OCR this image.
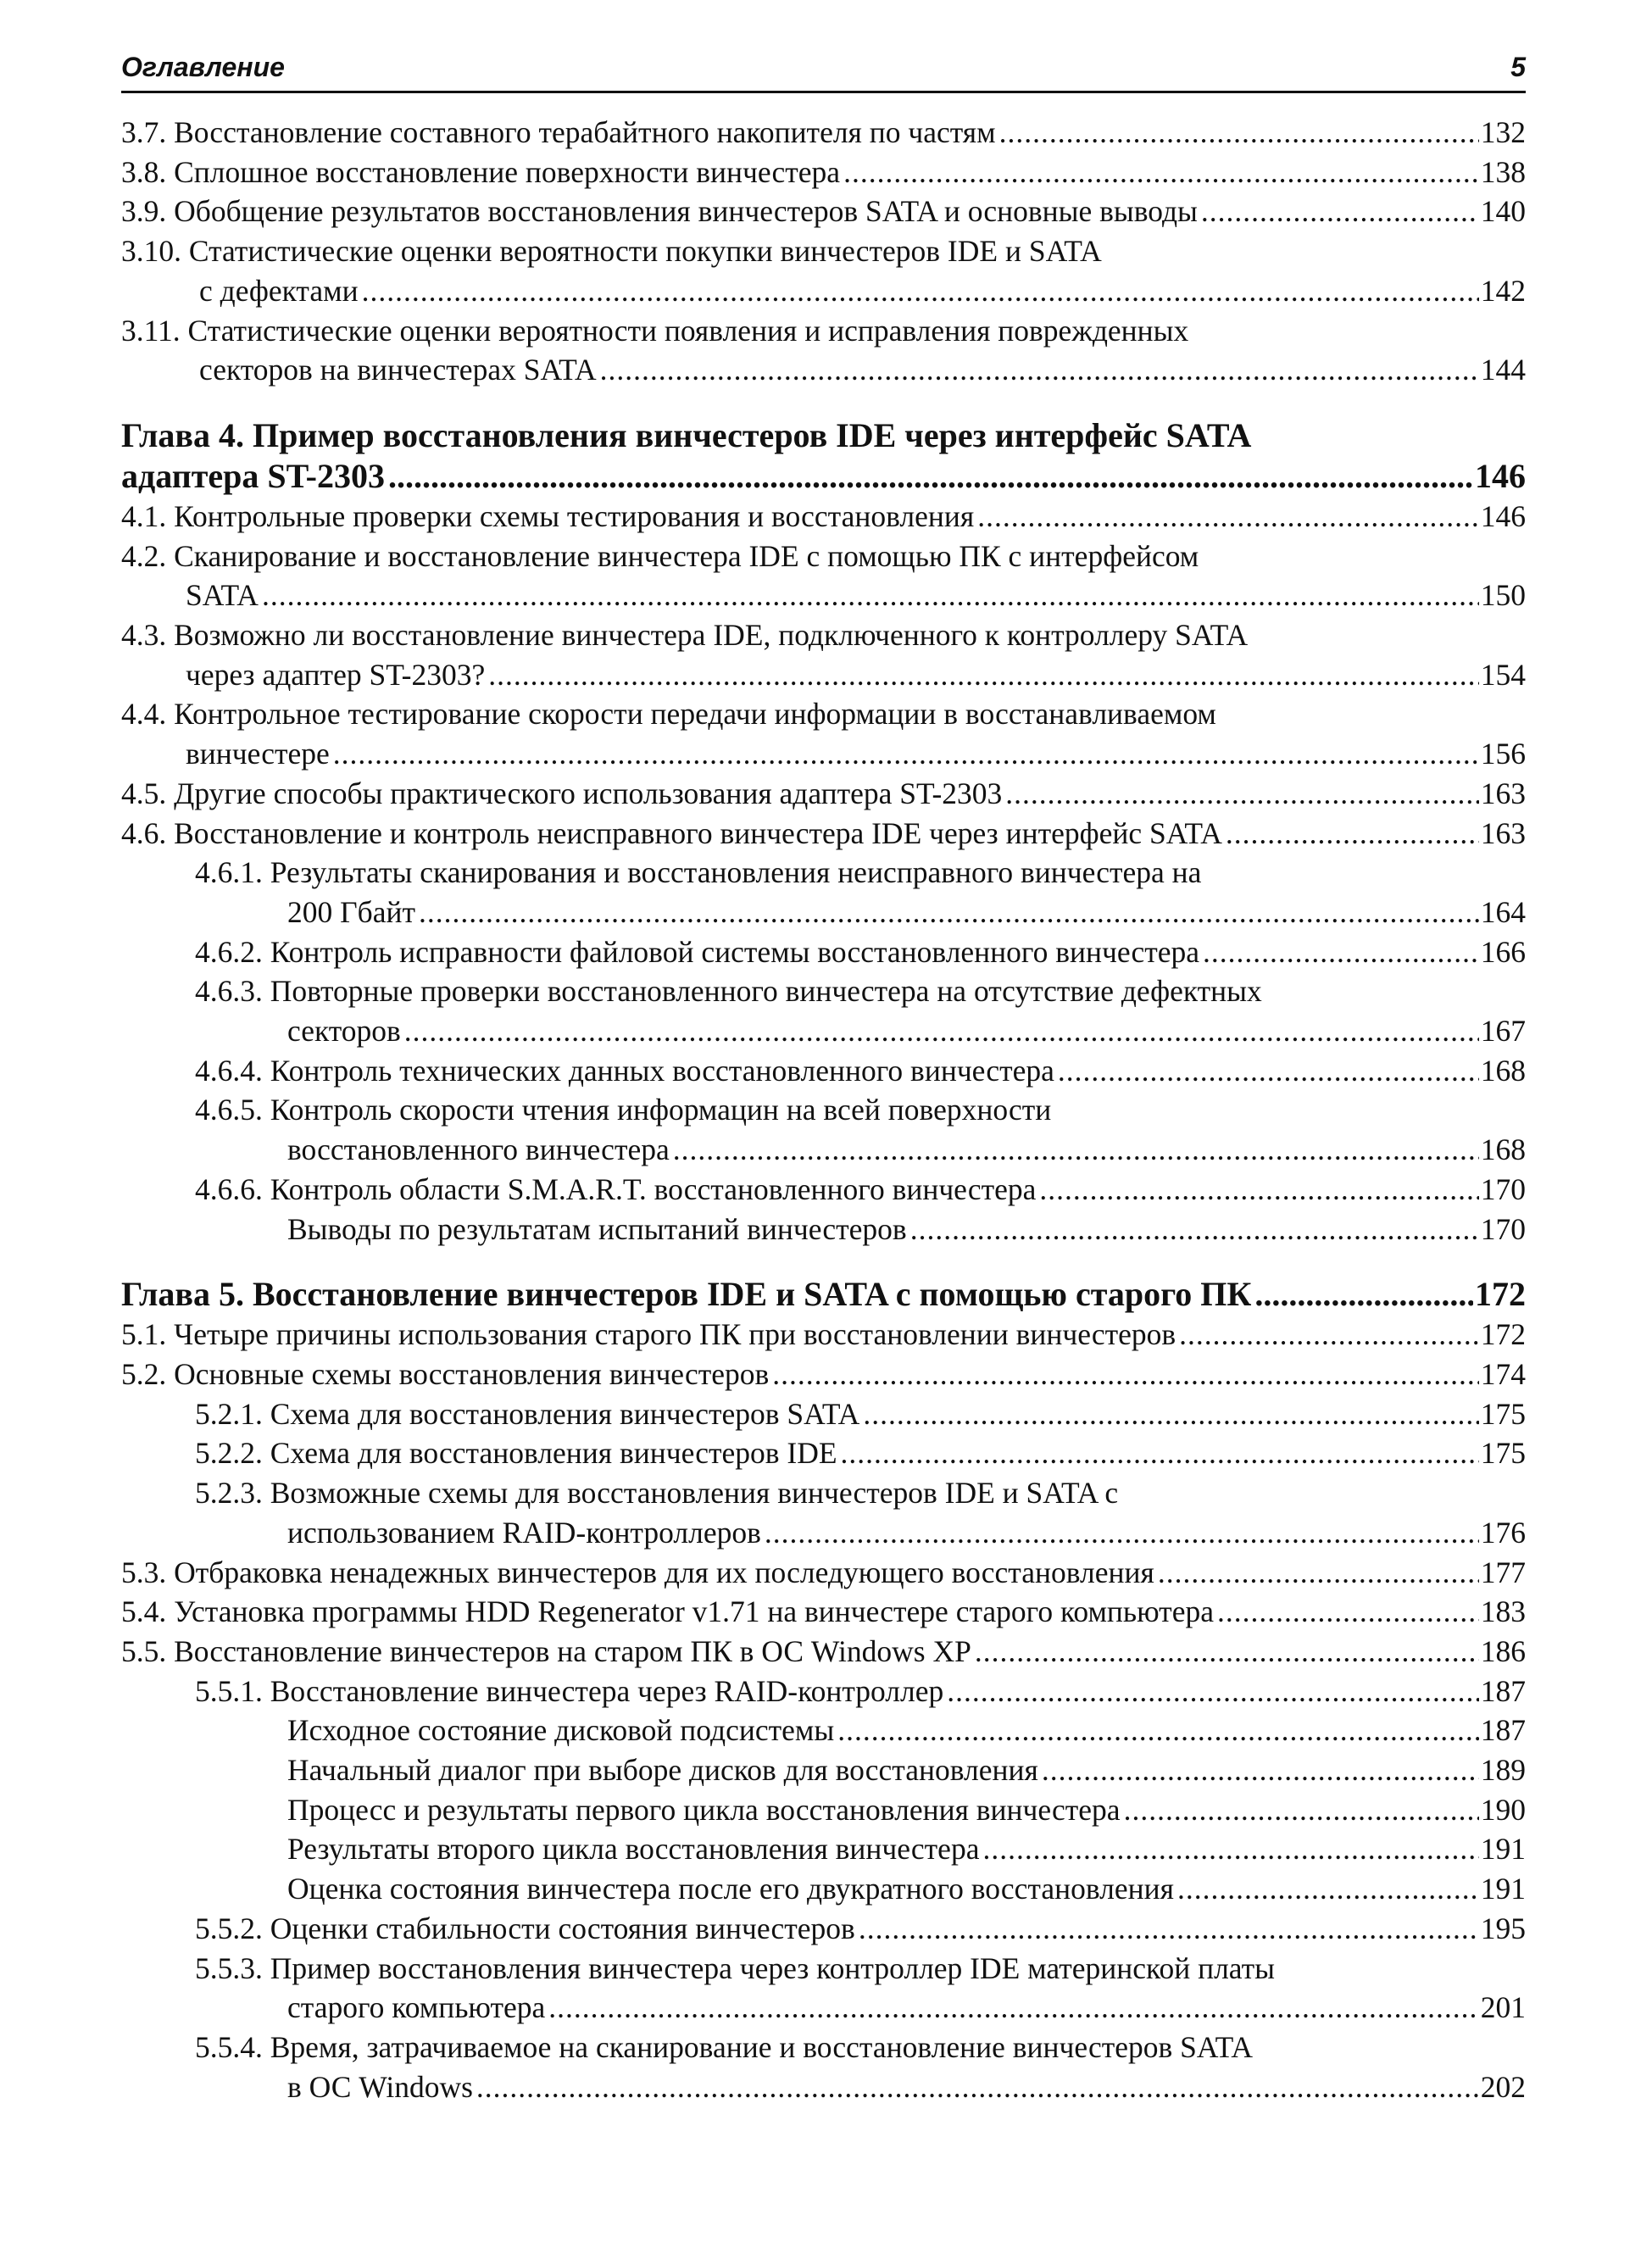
Оглавление	5
3.7. Восстановление составного терабайтного накопителя по частям .....	132
3.8. Сплошное восстановление поверхности винчестера .....	138
3.9. Обобщение результатов восстановления винчестеров SATA и основные выводы .....	140
3.10. Статистические оценки вероятности покупки винчестеров IDE и SATA
с дефектами .....	142
3.11. Статистические оценки вероятности появления и исправления поврежденных
секторов на винчестерах SATA .....	144
Глава 4. Пример восстановления винчестеров IDE через интерфейс SATA
адаптера ST-2303 .....	146
4.1. Контрольные проверки схемы тестирования и восстановления .....	146
4.2. Сканирование и восстановление винчестера IDE с помощью ПК с интерфейсом
SATA .....	150
4.3. Возможно ли восстановление винчестера IDE, подключенного к контроллеру SATA
через адаптер ST-2303? .....	154
4.4. Контрольное тестирование скорости передачи информации в восстанавливаемом
винчестере .....	156
4.5. Другие способы практического использования адаптера ST-2303 .....	163
4.6. Восстановление и контроль неисправного винчестера IDE через интерфейс SATA .....	163
4.6.1. Результаты сканирования и восстановления неисправного винчестера на
200 Гбайт .....	164
4.6.2. Контроль исправности файловой системы восстановленного винчестера .....	166
4.6.3. Повторные проверки восстановленного винчестера на отсутствие дефектных
секторов .....	167
4.6.4. Контроль технических данных восстановленного винчестера .....	168
4.6.5. Контроль скорости чтения информацин на всей поверхности
восстановленного винчестера .....	168
4.6.6. Контроль области S.M.A.R.T. восстановленного винчестера .....	170
Выводы по результатам испытаний винчестеров .....	170
Глава 5. Восстановление винчестеров IDE и SATA с помощью старого ПК .....	172
5.1. Четыре причины использования старого ПК при восстановлении винчестеров .....	172
5.2. Основные схемы восстановления винчестеров .....	174
5.2.1. Схема для восстановления винчестеров SATA .....	175
5.2.2. Схема для восстановления винчестеров IDE .....	175
5.2.3. Возможные схемы для восстановления винчестеров IDE и SATA с
использованием RAID-контроллеров .....	176
5.3. Отбраковка ненадежных винчестеров для их последующего восстановления .....	177
5.4. Установка программы HDD Regenerator v1.71 на винчестере старого компьютера .....	183
5.5. Восстановление винчестеров на старом ПК в ОС Windows XP .....	186
5.5.1. Восстановление винчестера через RAID-контроллер .....	187
Исходное состояние дисковой подсистемы .....	187
Начальный диалог при выборе дисков для восстановления .....	189
Процесс и результаты первого цикла восстановления винчестера .....	190
Результаты второго цикла восстановления винчестера .....	191
Оценка состояния винчестера после его двукратного восстановления .....	191
5.5.2. Оценки стабильности состояния винчестеров .....	195
5.5.3. Пример восстановления винчестера через контроллер IDE материнской платы
старого компьютера .....	201
5.5.4. Время, затрачиваемое на сканирование и восстановление винчестеров SATA
в ОС Windows .....	202
